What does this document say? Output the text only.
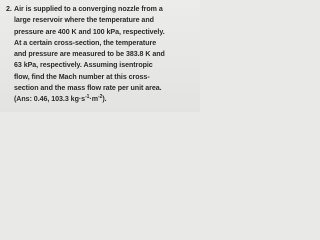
2. Air is supplied to a converging nozzle from a
large reservoir where the temperature and
pressure are 400 K and 100 kPa, respectively.
At a certain cross-section, the temperature
and pressure are measured to be 383.8 K and
63 kPa, respectively. Assuming isentropic
flow, find the Mach number at this cross-
section and the mass flow rate per unit area.
(Ans: 0.46, 103.3 $kg\cdot s^{-1}\cdot m^{-2}$).
